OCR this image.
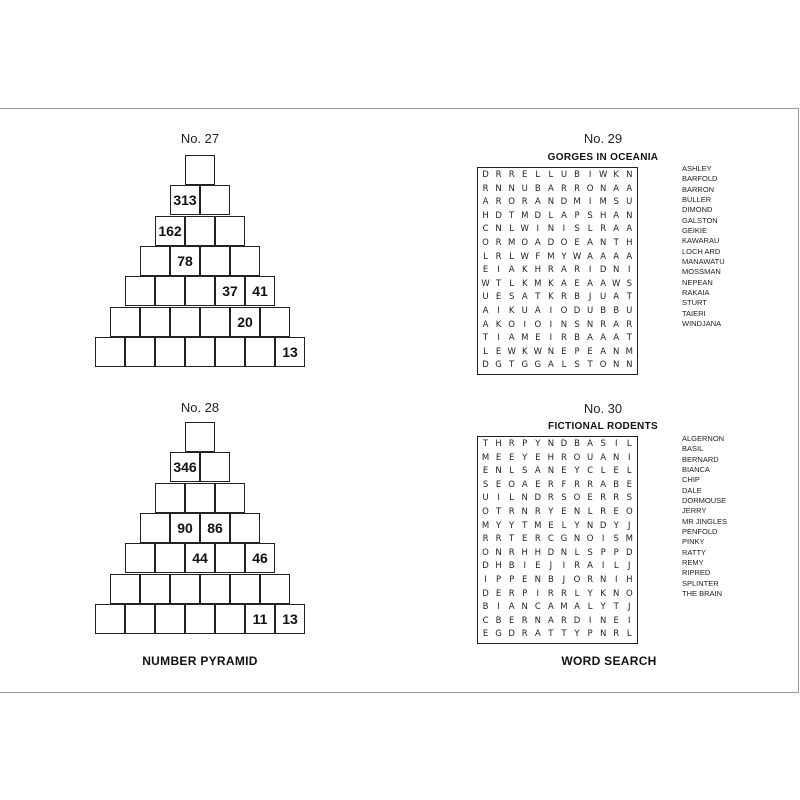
No. 27
313
162
78
37	41
20
13
No. 28
346
90	86
44	46
11	13
No. 29
GORGES IN OCEANIA
D R R E L L U B	I W K N
R N N U B A R R O N A A
A R O R A N D M I M S U
H D T M D L A P S H A N
C N L W I	N	I	S L R A A
O R M O A D O E A N T H
L R L W F M Y W A A A A
E	I	A K H R A R	I	D N	I
W T L K M K A E A A W S
U E S A T K R B	J	U A T
A	I	K U A	I O D U B B U
A K O I O I	N S N R A R
T	I	A M E	I	R B A A A T
L E W K W N E P E A N M
D G T G G A L S T O N N
ASHLEY
BARFOLD
BARRON
BULLER
DIMOND
GALSTON
GEIKIE
KAWARAU
LOCH ARD
MANAWATU
MOSSMAN
NEPEAN
RAKAIA
STURT
TAIERI
WINDJANA
No. 30
FICTIONAL RODENTS
T H R P Y N D B A S	I	L
M E E Y E H R O U A N	I
E N L S A N E Y C L E L
S E O A E R F R R A B E
U	I	L N D R S O E R R S
O T R N R Y E N L R E O
M Y Y T M E L Y N D Y	J
R R T E R C G N O I	S M
O N R H H D N L S P P D
D H B	I	E	J	I	R A	I	L	J
I	P P E N B	J O R N	I	H
D E R P	I	R R L Y K N O
B	I	A N C A M A L Y T	J
C B E R N A R D	I	N E	I
E G D R A T T Y P N R L
ALGERNON
BASIL
BERNARD
BIANCA
CHIP
DALE
DORMOUSE
JERRY
MR JINGLES
PENFOLD
PINKY
RATTY
REMY
RIPRED
SPLINTER
THE BRAIN
NUMBER PYRAMID	WORD SEARCH
